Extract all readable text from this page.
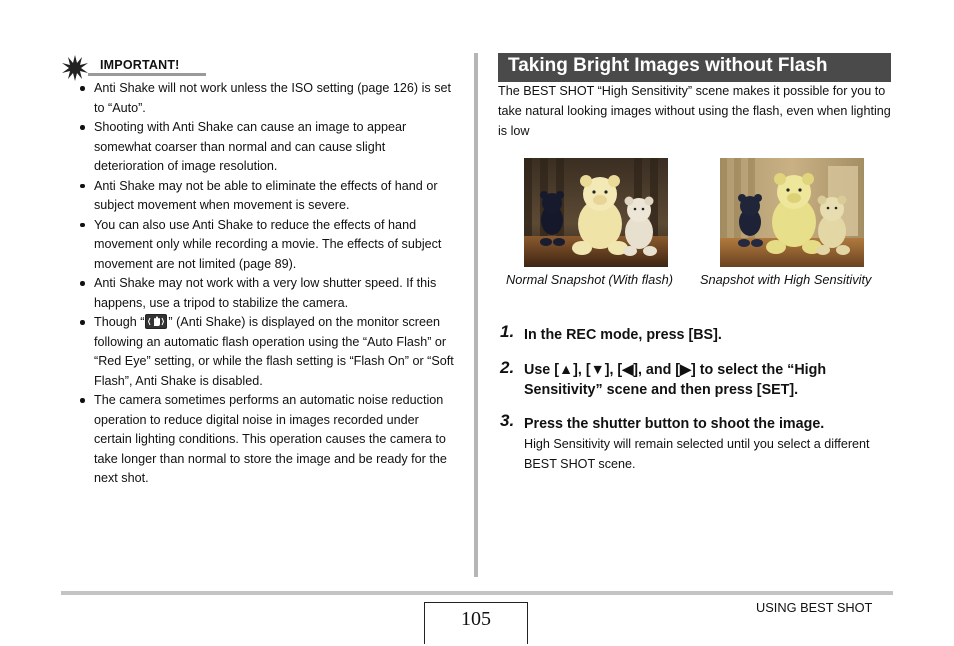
IMPORTANT!
Anti Shake will not work unless the ISO setting (page 126) is set to “Auto”.
Shooting with Anti Shake can cause an image to appear somewhat coarser than normal and can cause slight deterioration of image resolution.
Anti Shake may not be able to eliminate the effects of hand or subject movement when movement is severe.
You can also use Anti Shake to reduce the effects of hand movement only while recording a movie. The effects of subject movement are not limited (page 89).
Anti Shake may not work with a very low shutter speed. If this happens, use a tripod to stabilize the camera.
Though “ ” (Anti Shake) is displayed on the monitor screen following an automatic flash operation using the “Auto Flash” or “Red Eye” setting, or while the flash setting is “Flash On” or “Soft Flash”, Anti Shake is disabled.
The camera sometimes performs an automatic noise reduction operation to reduce digital noise in images recorded under certain lighting conditions. This operation causes the camera to take longer than normal to store the image and be ready for the next shot.
Taking Bright Images without Flash
The BEST SHOT “High Sensitivity” scene makes it possible for you to take natural looking images without using the flash, even when lighting is low
Normal Snapshot (With flash) Snapshot with High Sensitivity
1. In the REC mode, press [BS].
2. Use [▲], [▼], [◀], and [▶] to select the “High Sensitivity” scene and then press [SET].
3. Press the shutter button to shoot the image.
High Sensitivity will remain selected until you select a different BEST SHOT scene.
105
USING BEST SHOT
